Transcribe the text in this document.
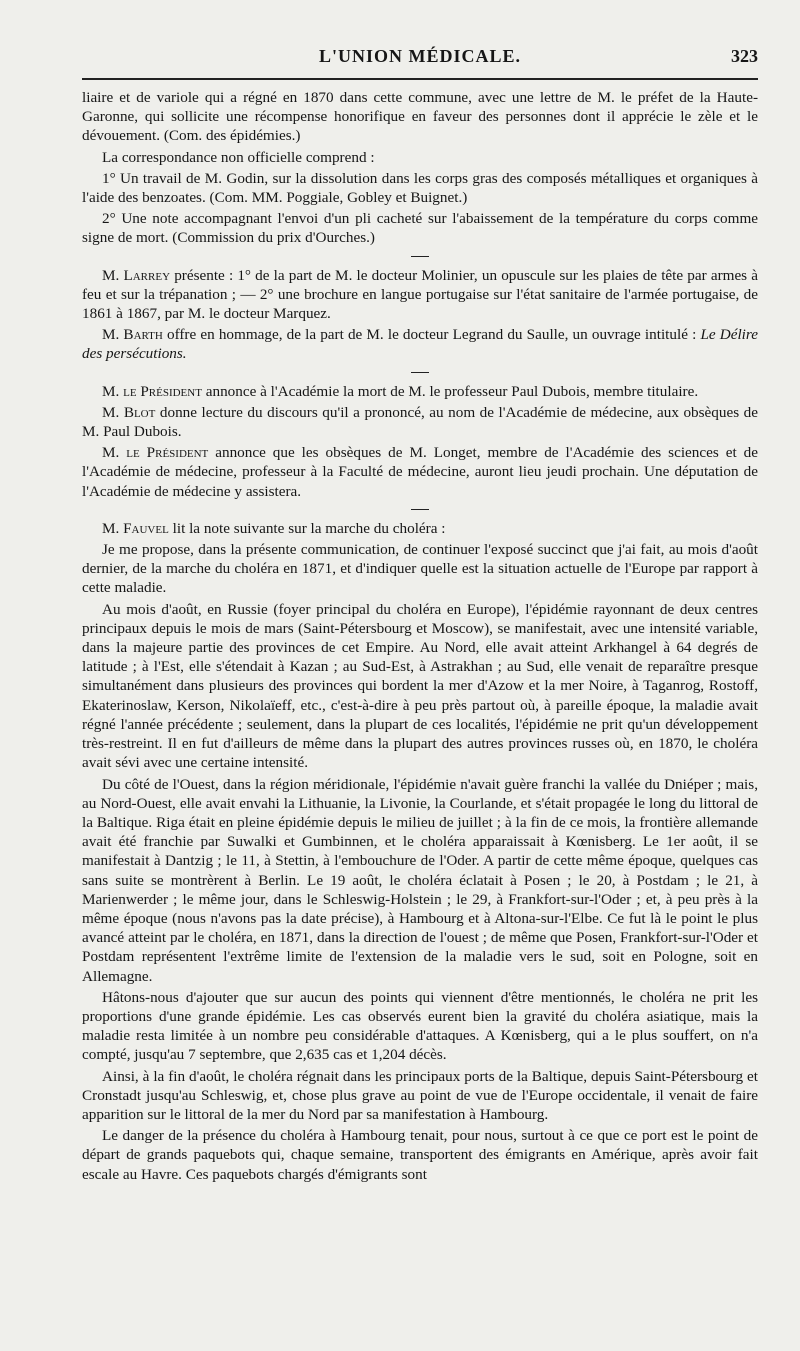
L'UNION MÉDICALE.	323

liaire et de variole qui a régné en 1870 dans cette commune, avec une lettre de M. le préfet de la Haute-Garonne, qui sollicite une récompense honorifique en faveur des personnes dont il apprécie le zèle et le dévouement. (Com. des épidémies.)

La correspondance non officielle comprend :

1° Un travail de M. Godin, sur la dissolution dans les corps gras des composés métalliques et organiques à l'aide des benzoates. (Com. MM. Poggiale, Gobley et Buignet.)

2° Une note accompagnant l'envoi d'un pli cacheté sur l'abaissement de la température du corps comme signe de mort. (Commission du prix d'Ourches.)

M. Larrey présente : 1° de la part de M. le docteur Molinier, un opuscule sur les plaies de tête par armes à feu et sur la trépanation ; — 2° une brochure en langue portugaise sur l'état sanitaire de l'armée portugaise, de 1861 à 1867, par M. le docteur Marquez.

M. Barth offre en hommage, de la part de M. le docteur Legrand du Saulle, un ouvrage intitulé : Le Délire des persécutions.

M. le Président annonce à l'Académie la mort de M. le professeur Paul Dubois, membre titulaire.

M. Blot donne lecture du discours qu'il a prononcé, au nom de l'Académie de médecine, aux obsèques de M. Paul Dubois.

M. le Président annonce que les obsèques de M. Longet, membre de l'Académie des sciences et de l'Académie de médecine, professeur à la Faculté de médecine, auront lieu jeudi prochain. Une députation de l'Académie de médecine y assistera.

M. Fauvel lit la note suivante sur la marche du choléra :

Je me propose, dans la présente communication, de continuer l'exposé succinct que j'ai fait, au mois d'août dernier, de la marche du choléra en 1871, et d'indiquer quelle est la situation actuelle de l'Europe par rapport à cette maladie.

Au mois d'août, en Russie (foyer principal du choléra en Europe), l'épidémie rayonnant de deux centres principaux depuis le mois de mars (Saint-Pétersbourg et Moscow), se manifestait, avec une intensité variable, dans la majeure partie des provinces de cet Empire. Au Nord, elle avait atteint Arkhangel à 64 degrés de latitude ; à l'Est, elle s'étendait à Kazan ; au Sud-Est, à Astrakhan ; au Sud, elle venait de reparaître presque simultanément dans plusieurs des provinces qui bordent la mer d'Azow et la mer Noire, à Taganrog, Rostoff, Ekaterinoslaw, Kerson, Nikolaïeff, etc., c'est-à-dire à peu près partout où, à pareille époque, la maladie avait régné l'année précédente ; seulement, dans la plupart de ces localités, l'épidémie ne prit qu'un développement très-restreint. Il en fut d'ailleurs de même dans la plupart des autres provinces russes où, en 1870, le choléra avait sévi avec une certaine intensité.

Du côté de l'Ouest, dans la région méridionale, l'épidémie n'avait guère franchi la vallée du Dniéper ; mais, au Nord-Ouest, elle avait envahi la Lithuanie, la Livonie, la Courlande, et s'était propagée le long du littoral de la Baltique. Riga était en pleine épidémie depuis le milieu de juillet ; à la fin de ce mois, la frontière allemande avait été franchie par Suwalki et Gumbinnen, et le choléra apparaissait à Kœnisberg. Le 1er août, il se manifestait à Dantzig ; le 11, à Stettin, à l'embouchure de l'Oder. A partir de cette même époque, quelques cas sans suite se montrèrent à Berlin. Le 19 août, le choléra éclatait à Posen ; le 20, à Postdam ; le 21, à Marienwerder ; le même jour, dans le Schleswig-Holstein ; le 29, à Frankfort-sur-l'Oder ; et, à peu près à la même époque (nous n'avons pas la date précise), à Hambourg et à Altona-sur-l'Elbe. Ce fut là le point le plus avancé atteint par le choléra, en 1871, dans la direction de l'ouest ; de même que Posen, Frankfort-sur-l'Oder et Postdam représentent l'extrême limite de l'extension de la maladie vers le sud, soit en Pologne, soit en Allemagne.

Hâtons-nous d'ajouter que sur aucun des points qui viennent d'être mentionnés, le choléra ne prit les proportions d'une grande épidémie. Les cas observés eurent bien la gravité du choléra asiatique, mais la maladie resta limitée à un nombre peu considérable d'attaques. A Kœnisberg, qui a le plus souffert, on n'a compté, jusqu'au 7 septembre, que 2,635 cas et 1,204 décès.

Ainsi, à la fin d'août, le choléra régnait dans les principaux ports de la Baltique, depuis Saint-Pétersbourg et Cronstadt jusqu'au Schleswig, et, chose plus grave au point de vue de l'Europe occidentale, il venait de faire apparition sur le littoral de la mer du Nord par sa manifestation à Hambourg.

Le danger de la présence du choléra à Hambourg tenait, pour nous, surtout à ce que ce port est le point de départ de grands paquebots qui, chaque semaine, transportent des émigrants en Amérique, après avoir fait escale au Havre. Ces paquebots chargés d'émigrants sont
